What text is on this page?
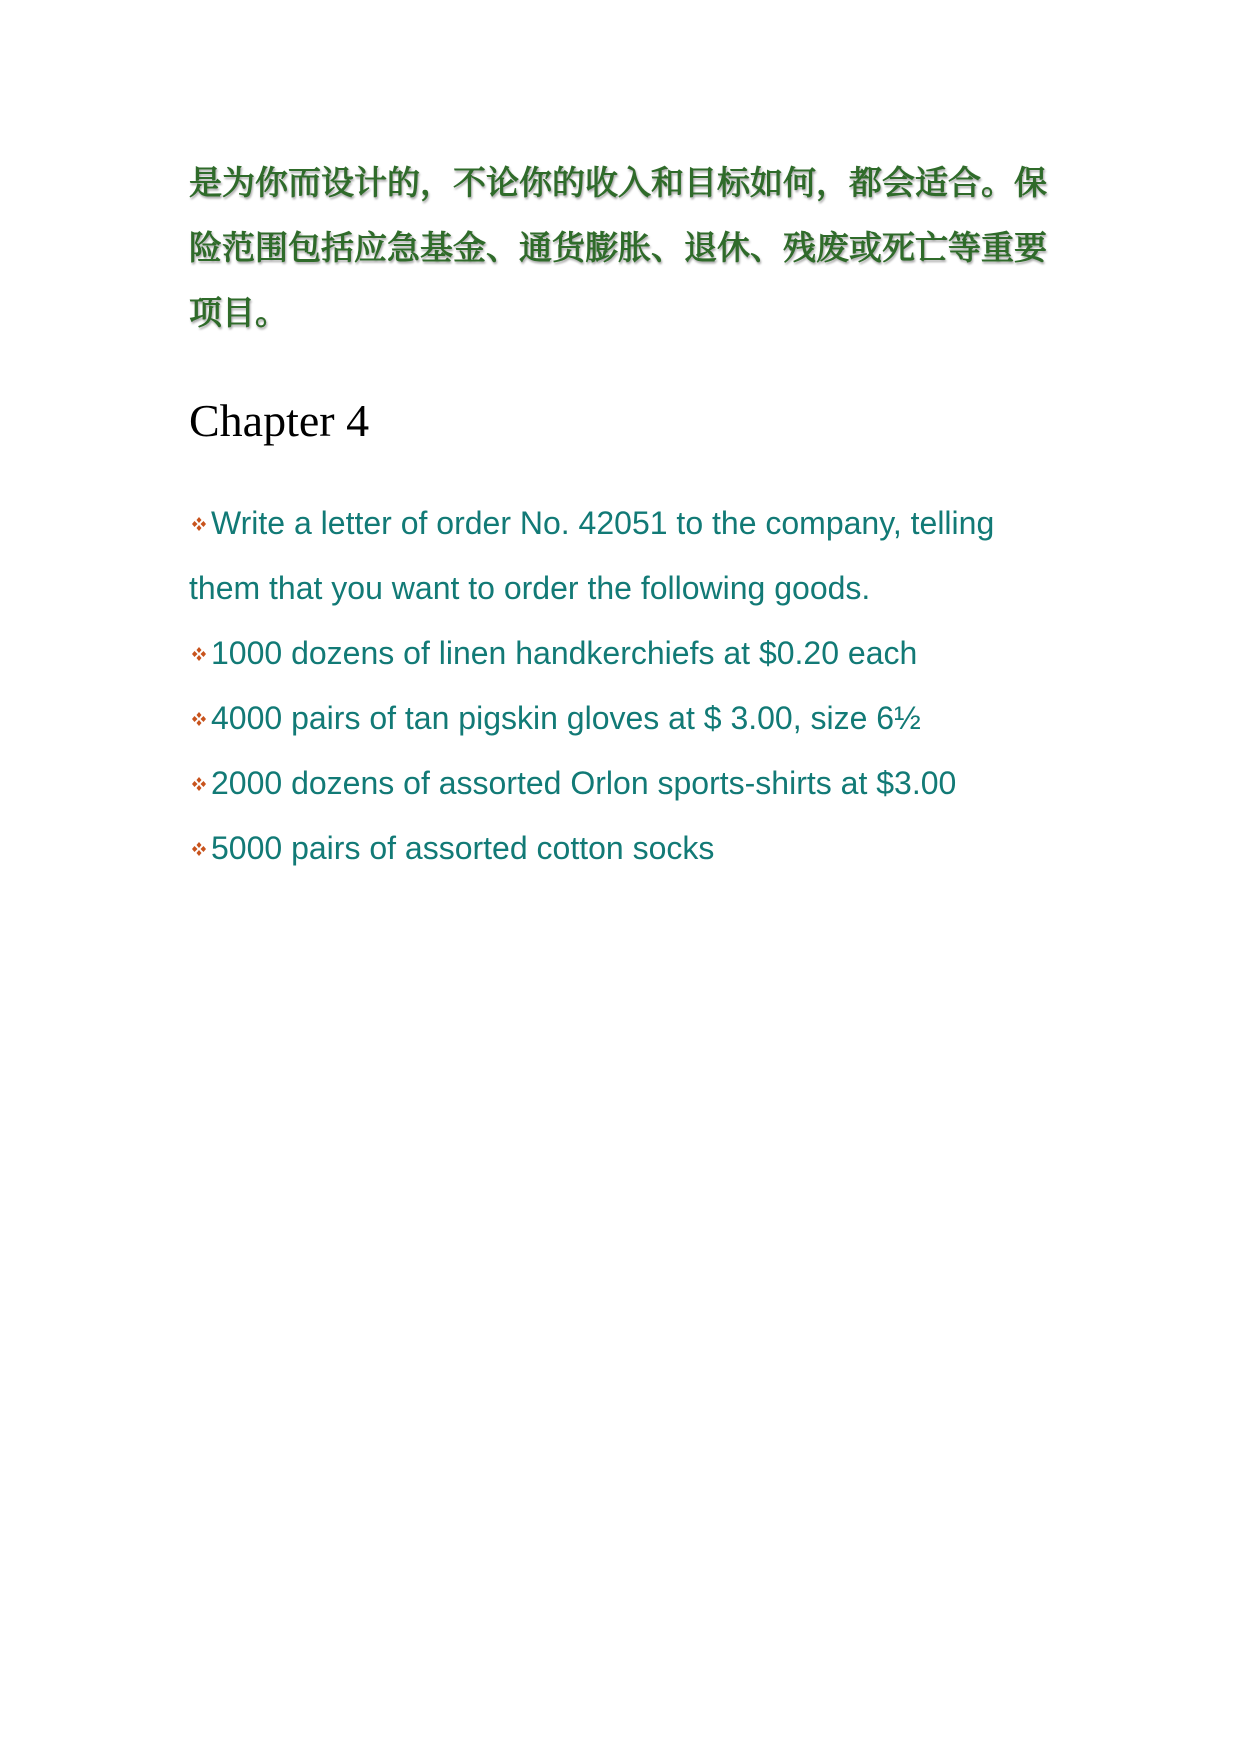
是为你而设计的，不论你的收入和目标如何，都会适合。保
险范围包括应急基金、通货膨胀、退休、残废或死亡等重要
项目。

Chapter 4
Write a letter of order No. 42051 to the company, telling
them that you want to order the following goods.
1000 dozens of linen handkerchiefs at $0.20 each
4000 pairs of tan pigskin gloves at $ 3.00, size 6½
2000 dozens of assorted Orlon sports-shirts at $3.00
5000 pairs of assorted cotton socks
